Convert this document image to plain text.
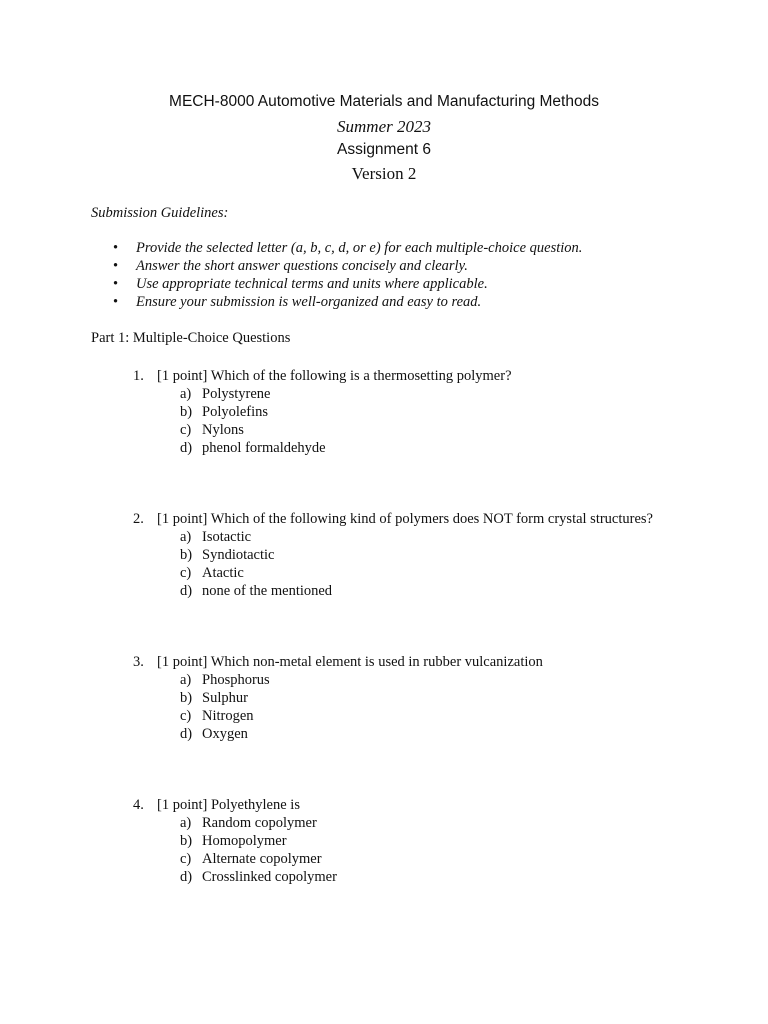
MECH-8000 Automotive Materials and Manufacturing Methods
Summer 2023
Assignment 6
Version 2
Submission Guidelines:
• Provide the selected letter (a, b, c, d, or e) for each multiple-choice question.
• Answer the short answer questions concisely and clearly.
• Use appropriate technical terms and units where applicable.
• Ensure your submission is well-organized and easy to read.
Part 1: Multiple-Choice Questions
1. [1 point] Which of the following is a thermosetting polymer?
a) Polystyrene
b) Polyolefins
c) Nylons
d) phenol formaldehyde
2. [1 point] Which of the following kind of polymers does NOT form crystal structures?
a) Isotactic
b) Syndiotactic
c) Atactic
d) none of the mentioned
3. [1 point] Which non-metal element is used in rubber vulcanization
a) Phosphorus
b) Sulphur
c) Nitrogen
d) Oxygen
4. [1 point] Polyethylene is
a) Random copolymer
b) Homopolymer
c) Alternate copolymer
d) Crosslinked copolymer
